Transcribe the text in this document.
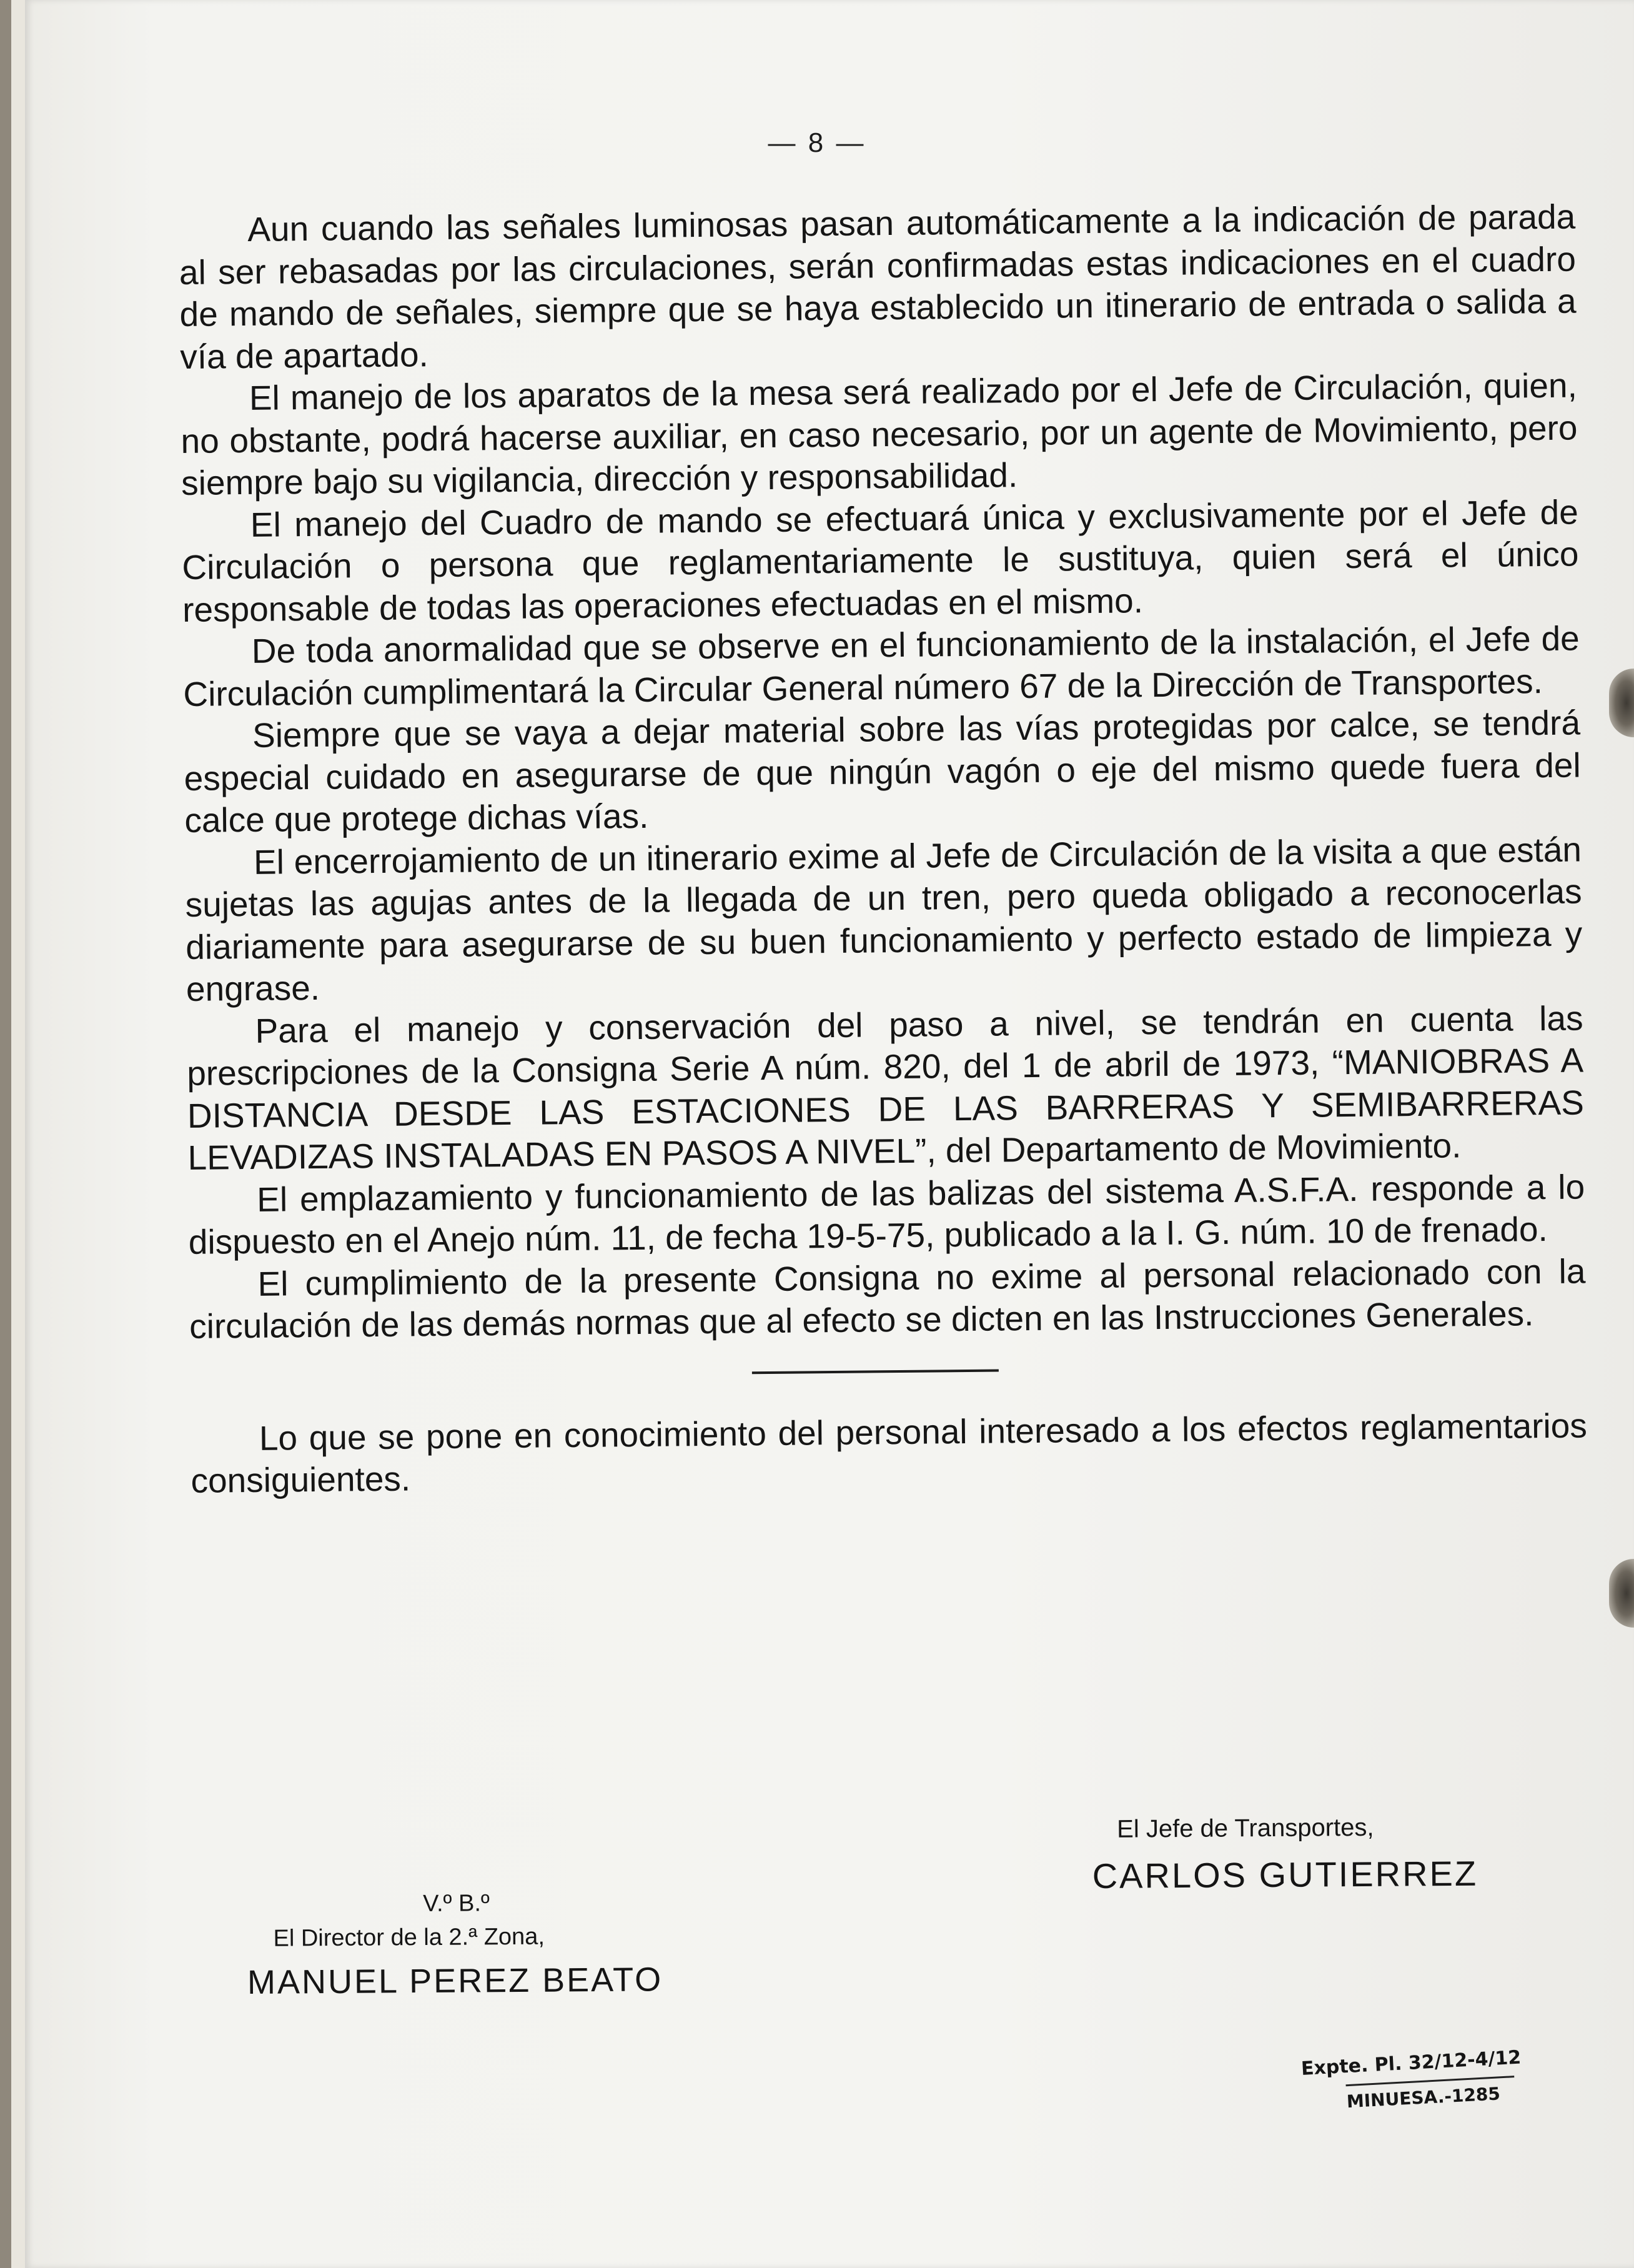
— 8 —

Aun cuando las señales luminosas pasan automáticamente a la indicación de parada al ser rebasadas por las circulaciones, serán confirmadas estas indicaciones en el cuadro de mando de señales, siempre que se haya establecido un itinerario de entrada o salida a vía de apartado.

El manejo de los aparatos de la mesa será realizado por el Jefe de Circulación, quien, no obstante, podrá hacerse auxiliar, en caso necesario, por un agente de Movimiento, pero siempre bajo su vigilancia, dirección y responsabilidad.

El manejo del Cuadro de mando se efectuará única y exclusivamente por el Jefe de Circulación o persona que reglamentariamente le sustituya, quien será el único responsable de todas las operaciones efectuadas en el mismo.

De toda anormalidad que se observe en el funcionamiento de la instalación, el Jefe de Circulación cumplimentará la Circular General número 67 de la Dirección de Transportes.

Siempre que se vaya a dejar material sobre las vías protegidas por calce, se tendrá especial cuidado en asegurarse de que ningún vagón o eje del mismo quede fuera del calce que protege dichas vías.

El encerrojamiento de un itinerario exime al Jefe de Circulación de la visita a que están sujetas las agujas antes de la llegada de un tren, pero queda obligado a reconocerlas diariamente para asegurarse de su buen funcionamiento y perfecto estado de limpieza y engrase.

Para el manejo y conservación del paso a nivel, se tendrán en cuenta las prescripciones de la Consigna Serie A núm. 820, del 1 de abril de 1973, “MANIOBRAS A DISTANCIA DESDE LAS ESTACIONES DE LAS BARRERAS Y SEMIBARRERAS LEVADIZAS INSTALADAS EN PASOS A NIVEL”, del Departamento de Movimiento.

El emplazamiento y funcionamiento de las balizas del sistema A.S.F.A. responde a lo dispuesto en el Anejo núm. 11, de fecha 19-5-75, publicado a la I. G. núm. 10 de frenado.

El cumplimiento de la presente Consigna no exime al personal relacionado con la circulación de las demás normas que al efecto se dicten en las Instrucciones Generales.

Lo que se pone en conocimiento del personal interesado a los efectos reglamentarios consiguientes.

El Jefe de Transportes,
CARLOS GUTIERREZ
V.º B.º
El Director de la 2.ª Zona,
MANUEL PEREZ BEATO
Expte. Pl. 32/12-4/12
MINUESA.-1285
